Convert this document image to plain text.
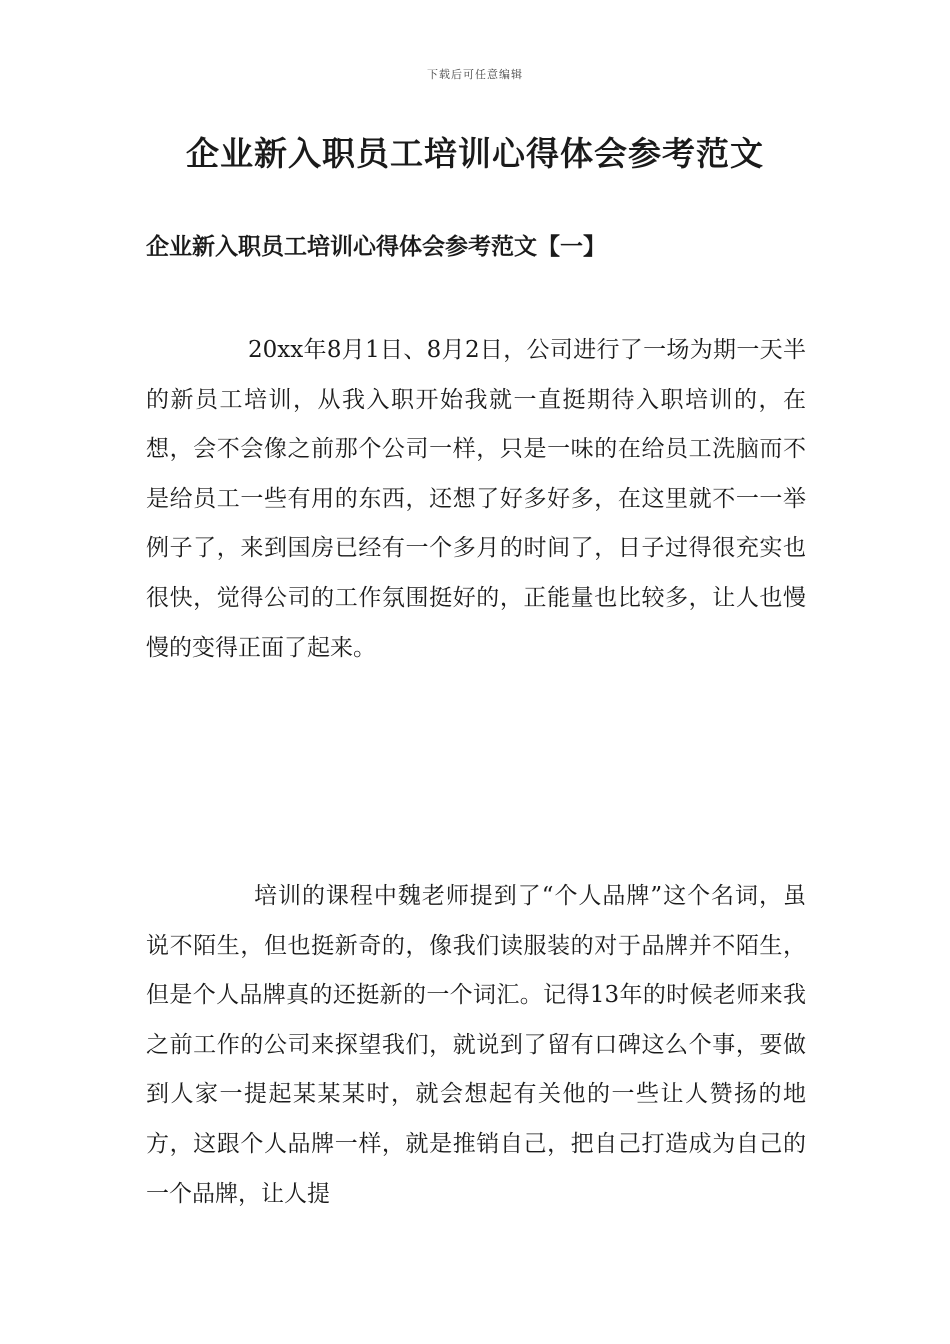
下载后可任意编辑
企业新入职员工培训心得体会参考范文
企业新入职员工培训心得体会参考范文【一】

20xx年8月1日、8月2日，公司进行了一场为期一天半的新员工培训，从我入职开始我就一直挺期待入职培训的，在想，会不会像之前那个公司一样，只是一味的在给员工洗脑而不是给员工一些有用的东西，还想了好多好多，在这里就不一一举例子了，来到国房已经有一个多月的时间了，日子过得很充实也很快，觉得公司的工作氛围挺好的，正能量也比较多，让人也慢慢的变得正面了起来。

培训的课程中魏老师提到了“个人品牌”这个名词，虽说不陌生，但也挺新奇的，像我们读服装的对于品牌并不陌生，但是个人品牌真的还挺新的一个词汇。记得13年的时候老师来我之前工作的公司来探望我们，就说到了留有口碑这么个事，要做到人家一提起某某某时，就会想起有关他的一些让人赞扬的地方，这跟个人品牌一样，就是推销自己，把自己打造成为自己的一个品牌，让人提
